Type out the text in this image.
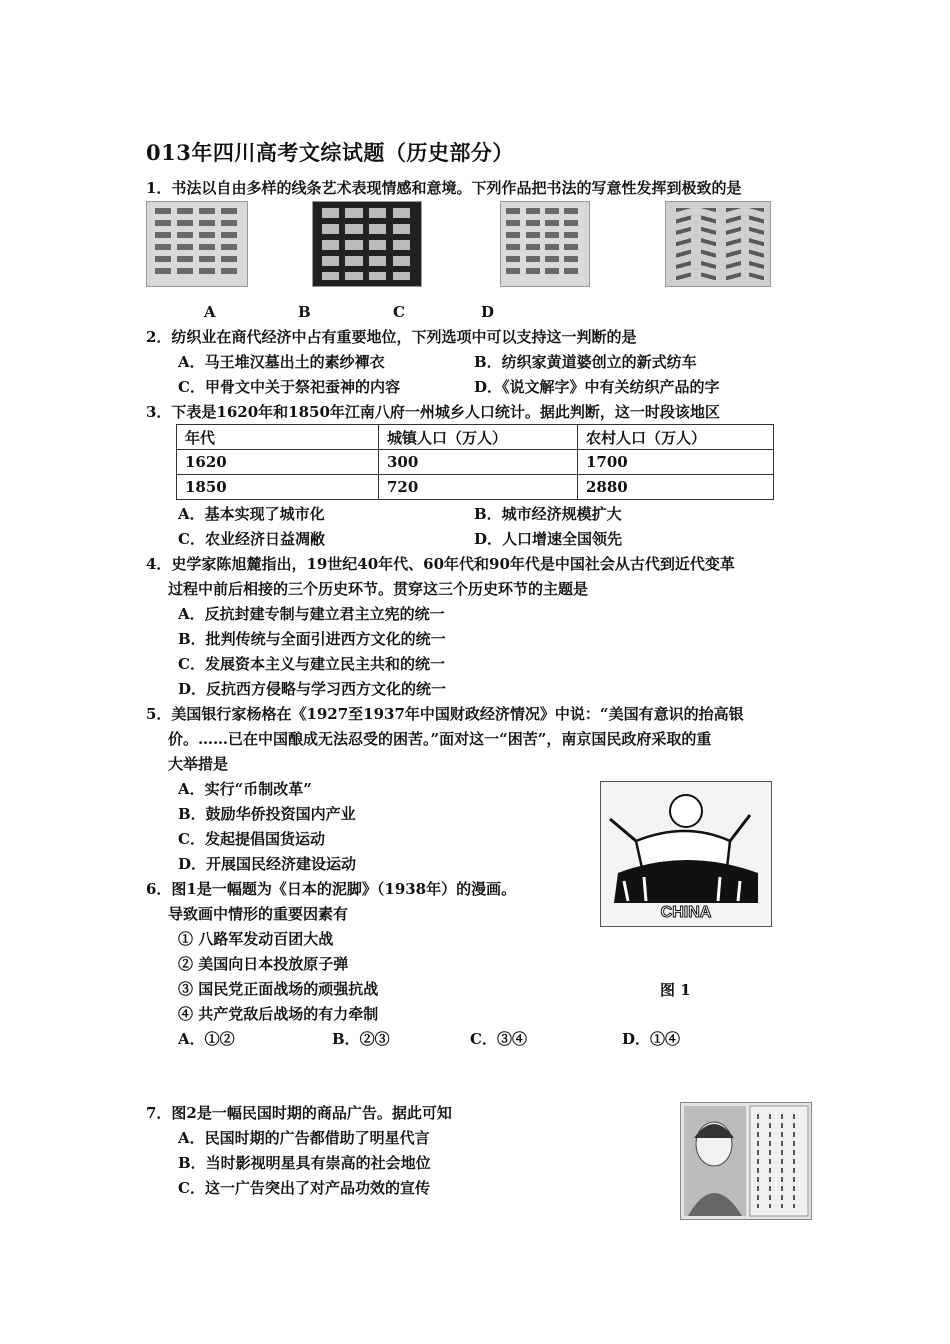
013年四川高考文综试题（历史部分）
1．书法以自由多样的线条艺术表现情感和意境。下列作品把书法的写意性发挥到极致的是
A	B	C	D
2．纺织业在商代经济中占有重要地位，下列选项中可以支持这一判断的是
A．马王堆汉墓出土的素纱襌衣	B．纺织家黄道婆创立的新式纺车
C．甲骨文中关于祭祀蚕神的内容	D．《说文解字》中有关纺织产品的字
3．下表是1620年和1850年江南八府一州城乡人口统计。据此判断，这一时段该地区
年代	城镇人口（万人）	农村人口（万人）
1620	300	1700
1850	720	2880
A．基本实现了城市化	B．城市经济规模扩大
C．农业经济日益凋敝	D．人口增速全国领先
4．史学家陈旭麓指出，19世纪40年代、60年代和90年代是中国社会从古代到近代变革
过程中前后相接的三个历史环节。贯穿这三个历史环节的主题是
A．反抗封建专制与建立君主立宪的统一
B．批判传统与全面引进西方文化的统一
C．发展资本主义与建立民主共和的统一
D．反抗西方侵略与学习西方文化的统一
5．美国银行家杨格在《1927至1937年中国财政经济情况》中说：“美国有意识的抬高银
价。……已在中国酿成无法忍受的困苦。”面对这一“困苦”，南京国民政府采取的重
大举措是
A．实行“币制改革”
B．鼓励华侨投资国内产业
C．发起提倡国货运动
D．开展国民经济建设运动
CHINA
6．图1是一幅题为《日本的泥脚》（1938年）的漫画。
导致画中情形的重要因素有
① 八路军发动百团大战
② 美国向日本投放原子弹
③ 国民党正面战场的顽强抗战	图 1
④ 共产党敌后战场的有力牵制
A．①②	B．②③	C．③④	D．①④
7．图2是一幅民国时期的商品广告。据此可知
A．民国时期的广告都借助了明星代言
B．当时影视明星具有崇高的社会地位
C．这一广告突出了对产品功效的宣传
